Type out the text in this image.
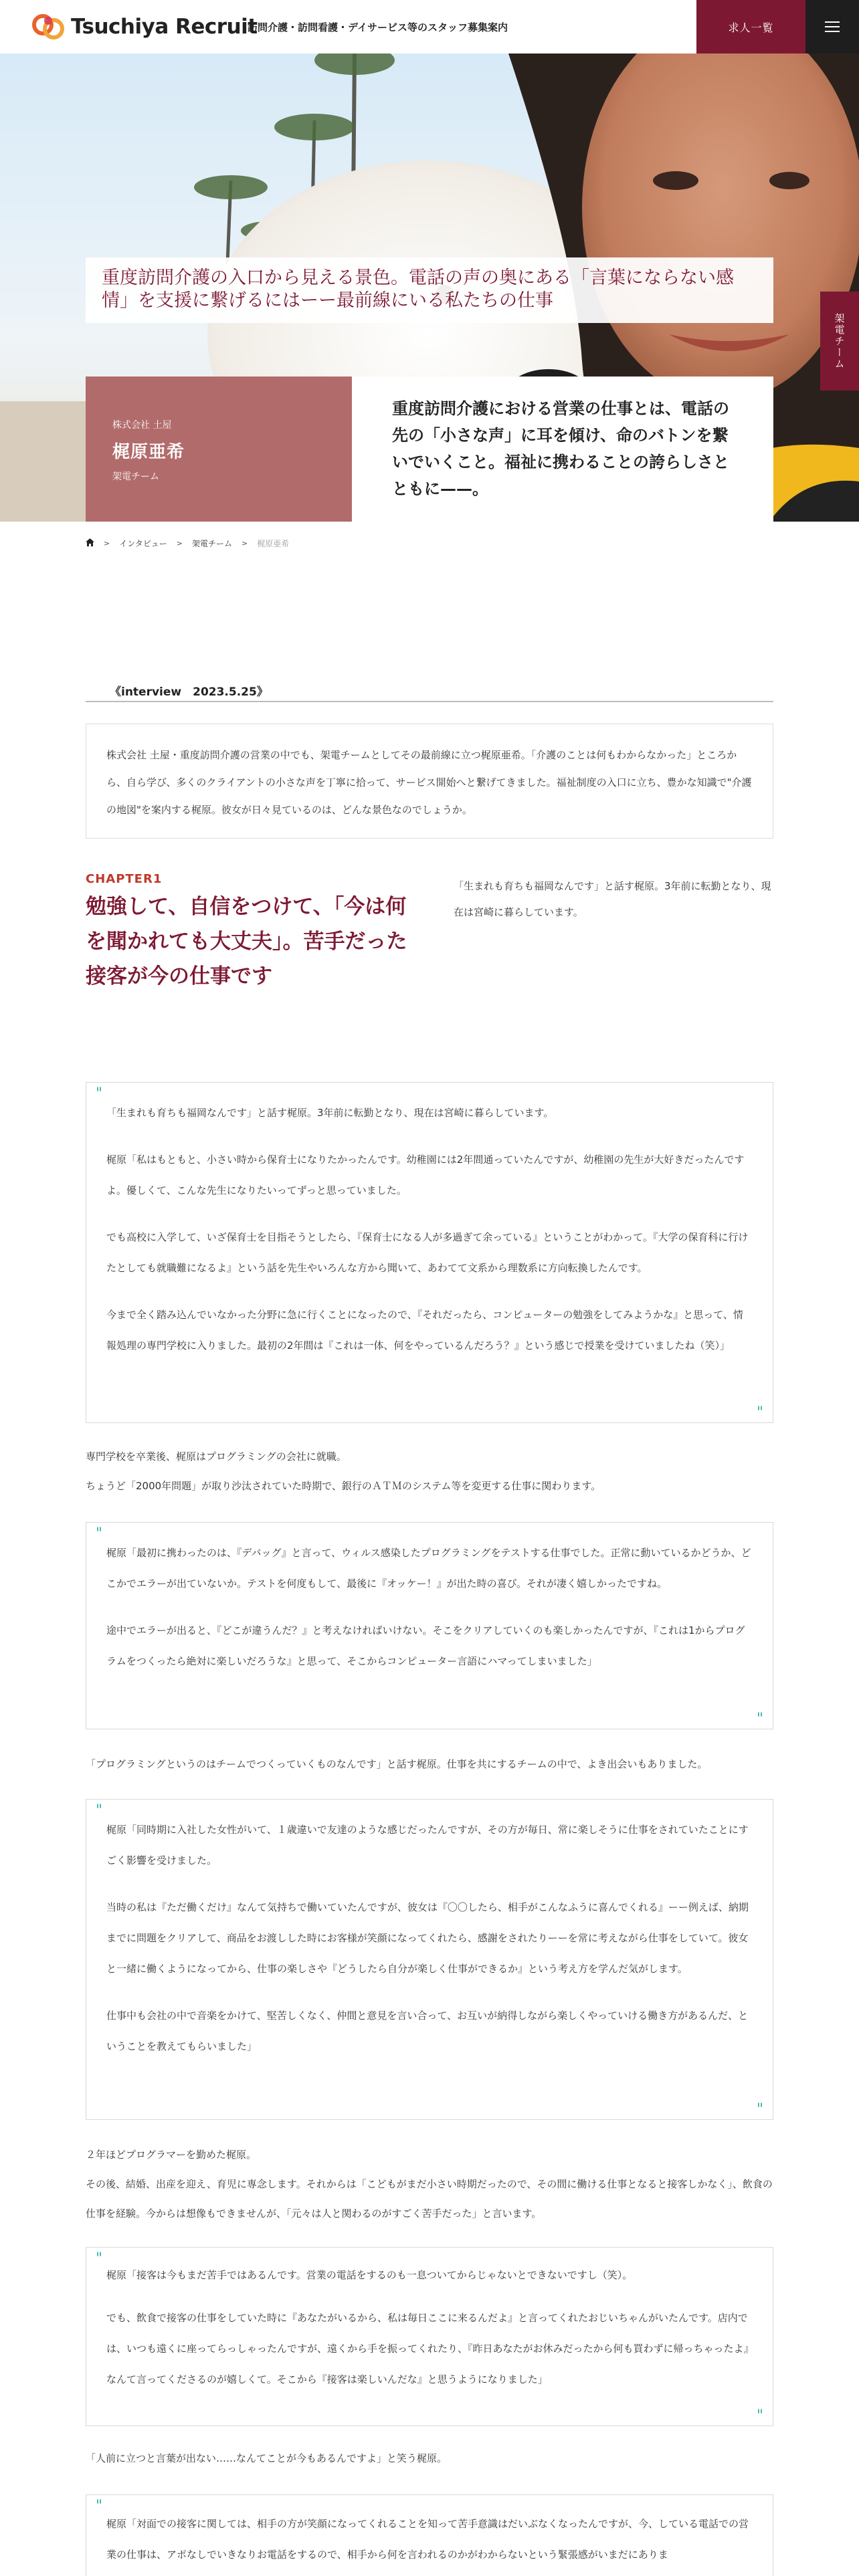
Tsuchiya Recruit
訪問介護・訪問看護・デイサービス等のスタッフ募集案内	求人一覧
架電チーム
重度訪問介護の入口から見える景色。電話の声の奥にある「言葉にならない感情」を支援に繋げるにはーー最前線にいる私たちの仕事
株式会社 土屋
梶原亜希
架電チーム

重度訪問介護における営業の仕事とは、電話の先の「小さな声」に耳を傾け、命のバトンを繋いでいくこと。福祉に携わることの誇らしさとともに——。

> インタビュー > 架電チーム > 梶原亜希
《interview　2023.5.25》

株式会社 土屋・重度訪問介護の営業の中でも、架電チームとしてその最前線に立つ梶原亜希。「介護のことは何もわからなかった」ところから、自ら学び、多くのクライアントの小さな声を丁寧に拾って、サービス開始へと繋げてきました。福祉制度の入口に立ち、豊かな知識で"介護の地図"を案内する梶原。彼女が日々見ているのは、どんな景色なのでしょうか。

CHAPTER1
勉強して、自信をつけて、「今は何を聞かれても大丈夫」。苦手だった接客が今の仕事です

「生まれも育ちも福岡なんです」と話す梶原。3年前に転勤となり、現在は宮崎に暮らしています。

"

「生まれも育ちも福岡なんです」と話す梶原。3年前に転勤となり、現在は宮崎に暮らしています。

梶原「私はもともと、小さい時から保育士になりたかったんです。幼稚園には2年間通っていたんですが、幼稚園の先生が大好きだったんですよ。優しくて、こんな先生になりたいってずっと思っていました。

でも高校に入学して、いざ保育士を目指そうとしたら、『保育士になる人が多過ぎて余っている』ということがわかって。『大学の保育科に行けたとしても就職難になるよ』という話を先生やいろんな方から聞いて、あわてて文系から理数系に方向転換したんです。

今まで全く踏み込んでいなかった分野に急に行くことになったので、『それだったら、コンピューターの勉強をしてみようかな』と思って、情報処理の専門学校に入りました。最初の2年間は『これは一体、何をやっているんだろう？』という感じで授業を受けていましたね（笑）」

"

専門学校を卒業後、梶原はプログラミングの会社に就職。

ちょうど「2000年問題」が取り沙汰されていた時期で、銀行のＡＴＭのシステム等を変更する仕事に関わります。

"

梶原「最初に携わったのは、『デバッグ』と言って、ウィルス感染したプログラミングをテストする仕事でした。正常に動いているかどうか、どこかでエラーが出ていないか。テストを何度もして、最後に『オッケー！』が出た時の喜び。それが凄く嬉しかったですね。

途中でエラーが出ると、『どこが違うんだ？』と考えなければいけない。そこをクリアしていくのも楽しかったんですが、『これは1からプログラムをつくったら絶対に楽しいだろうな』と思って、そこからコンピューター言語にハマってしまいました」

"

「プログラミングというのはチームでつくっていくものなんです」と話す梶原。仕事を共にするチームの中で、よき出会いもありました。

"

梶原「同時期に入社した女性がいて、１歳違いで友達のような感じだったんですが、その方が毎日、常に楽しそうに仕事をされていたことにすごく影響を受けました。

当時の私は『ただ働くだけ』なんて気持ちで働いていたんですが、彼女は『〇〇したら、相手がこんなふうに喜んでくれる』ーー例えば、納期までに問題をクリアして、商品をお渡しした時にお客様が笑顔になってくれたら、感謝をされたりーーを常に考えながら仕事をしていて。彼女と一緒に働くようになってから、仕事の楽しさや『どうしたら自分が楽しく仕事ができるか』という考え方を学んだ気がします。

仕事中も会社の中で音楽をかけて、堅苦しくなく、仲間と意見を言い合って、お互いが納得しながら楽しくやっていける働き方があるんだ、ということを教えてもらいました」

"

２年ほどプログラマーを勤めた梶原。

その後、結婚、出産を迎え、育児に専念します。それからは「こどもがまだ小さい時期だったので、その間に働ける仕事となると接客しかなく」、飲食の仕事を経験。今からは想像もできませんが、「元々は人と関わるのがすごく苦手だった」と言います。

"

梶原「接客は今もまだ苦手ではあるんです。営業の電話をするのも一息ついてからじゃないとできないですし（笑）。

でも、飲食で接客の仕事をしていた時に『あなたがいるから、私は毎日ここに来るんだよ』と言ってくれたおじいちゃんがいたんです。店内では、いつも遠くに座ってらっしゃったんですが、遠くから手を振ってくれたり、『昨日あなたがお休みだったから何も買わずに帰っちゃったよ』なんて言ってくださるのが嬉しくて。そこから『接客は楽しいんだな』と思うようになりました」

"

「人前に立つと言葉が出ない……なんてことが今もあるんですよ」と笑う梶原。

"

梶原「対面での接客に関しては、相手の方が笑顔になってくれることを知って苦手意識はだいぶなくなったんですが、今、している電話での営業の仕事は、アポなしでいきなりお電話をするので、相手から何を言われるのかがわからないという緊張感がいまだにありま
